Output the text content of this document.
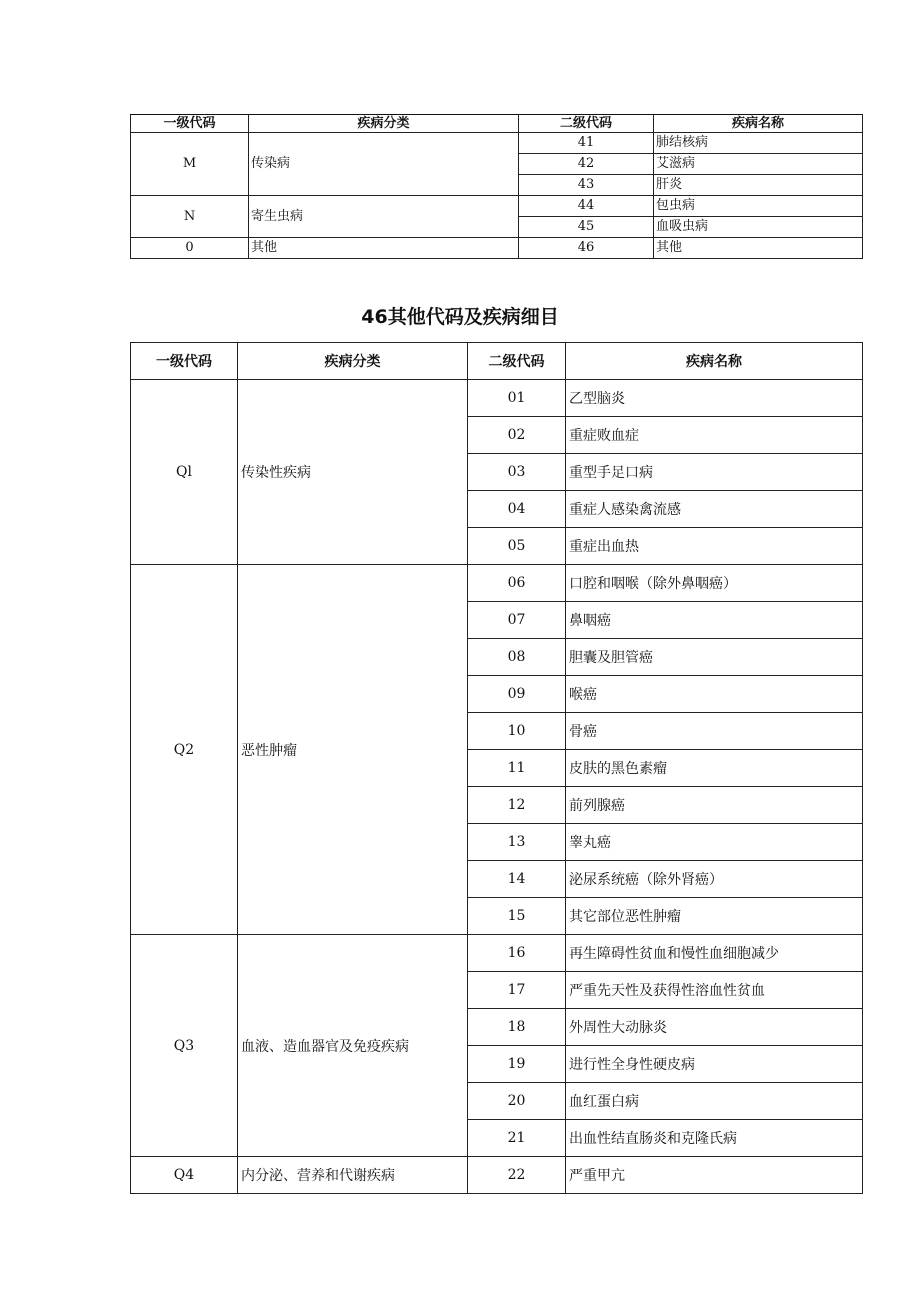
一级代码	疾病分类	二级代码	疾病名称
M	传染病	41	肺结核病
		42	艾滋病
		43	肝炎
N	寄生虫病	44	包虫病
		45	血吸虫病
0	其他	46	其他
46其他代码及疾病细目
一级代码	疾病分类	二级代码	疾病名称
Ql	传染性疾病	01	乙型脑炎
		02	重症败血症
		03	重型手足口病
		04	重症人感染禽流感
		05	重症出血热
Q2	恶性肿瘤	06	口腔和咽喉（除外鼻咽癌）
		07	鼻咽癌
		08	胆囊及胆管癌
		09	喉癌
		10	骨癌
		11	皮肤的黑色素瘤
		12	前列腺癌
		13	睾丸癌
		14	泌尿系统癌（除外肾癌）
		15	其它部位恶性肿瘤
Q3	血液、造血器官及免疫疾病	16	再生障碍性贫血和慢性血细胞减少
		17	严重先天性及获得性溶血性贫血
		18	外周性大动脉炎
		19	进行性全身性硬皮病
		20	血红蛋白病
		21	出血性结直肠炎和克隆氏病
Q4	内分泌、营养和代谢疾病	22	严重甲亢
